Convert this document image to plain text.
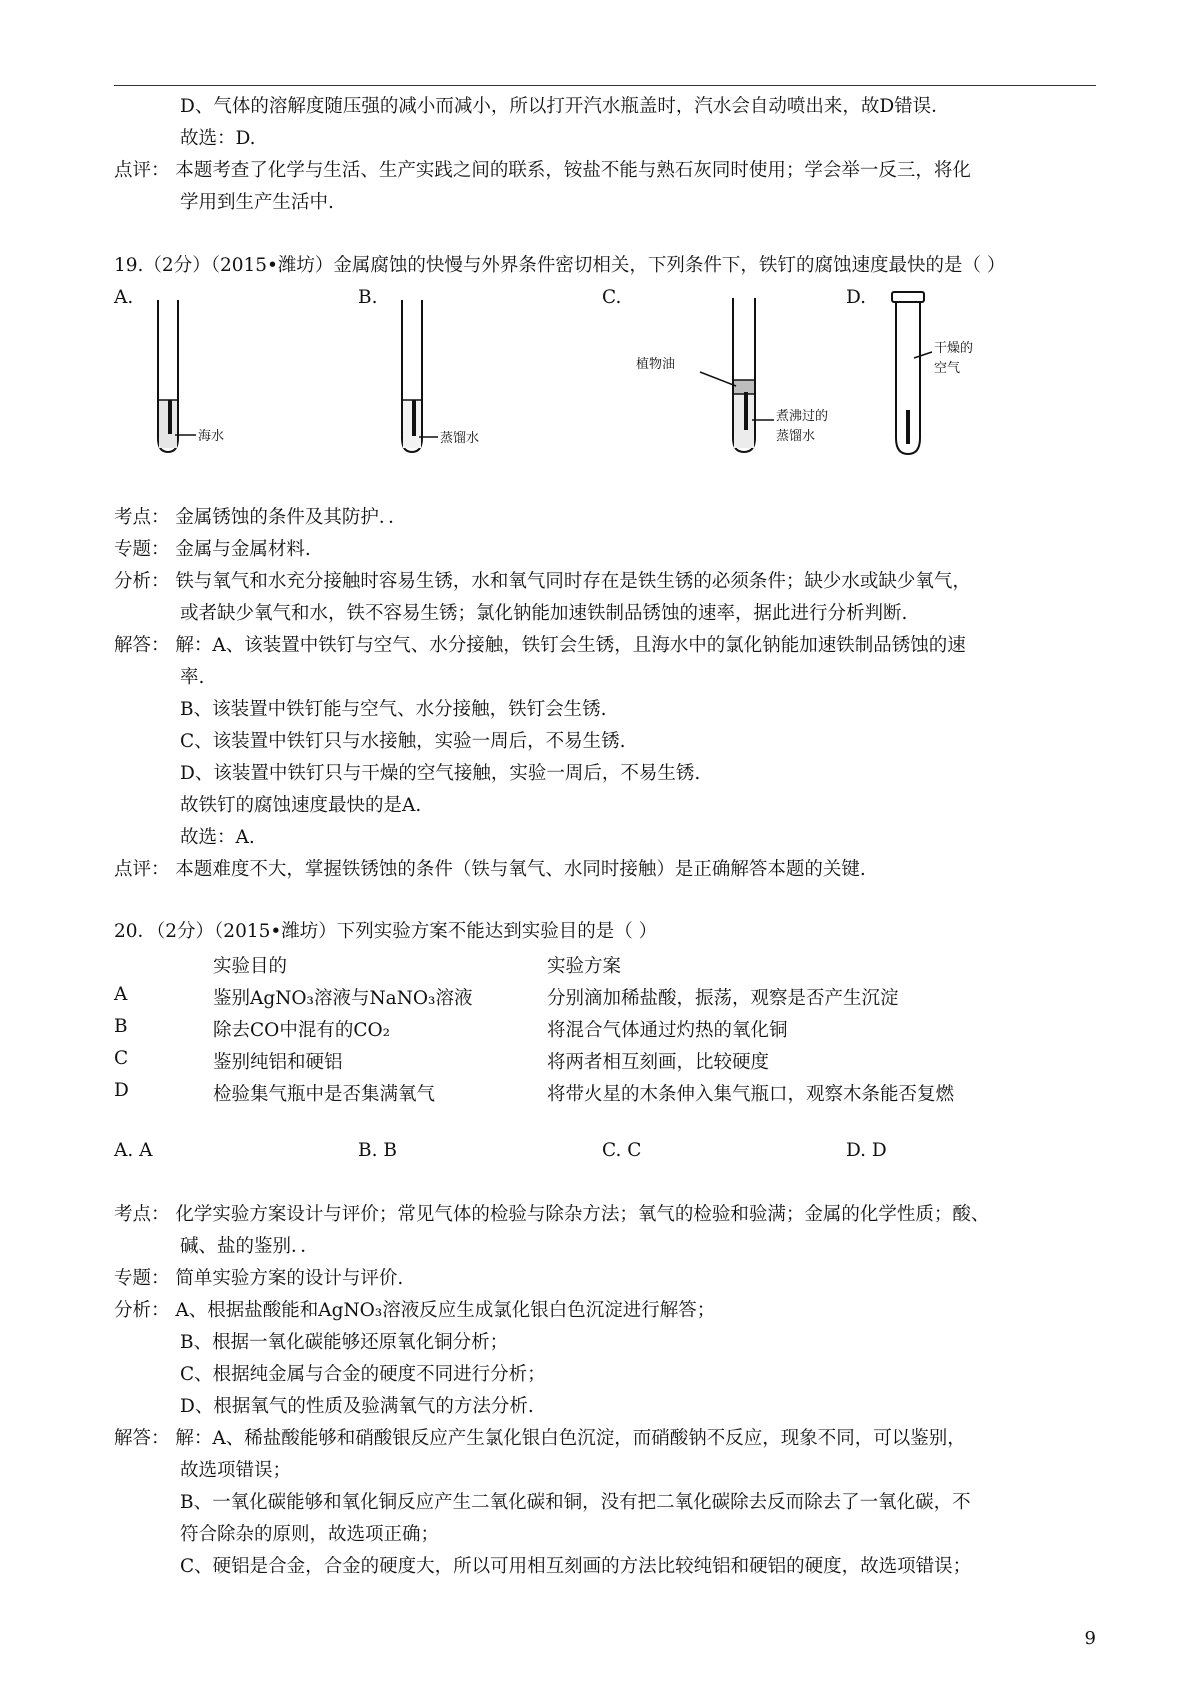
D、气体的溶解度随压强的减小而减小，所以打开汽水瓶盖时，汽水会自动喷出来，故D错误．
故选：D.
点评： 本题考查了化学与生活、生产实践之间的联系，铵盐不能与熟石灰同时使用；学会举一反三，将化
学用到生产生活中.
19.（2分）（2015•潍坊）金属腐蚀的快慢与外界条件密切相关，下列条件下，铁钉的腐蚀速度最快的是（ ）
A.	B.	C.	D.
考点： 金属锈蚀的条件及其防护．．
专题： 金属与金属材料.
分析： 铁与氧气和水充分接触时容易生锈，水和氧气同时存在是铁生锈的必须条件；缺少水或缺少氧气，
或者缺少氧气和水，铁不容易生锈；氯化钠能加速铁制品锈蚀的速率，据此进行分析判断.
解答： 解：A、该装置中铁钉与空气、水分接触，铁钉会生锈，且海水中的氯化钠能加速铁制品锈蚀的速
率.
B、该装置中铁钉能与空气、水分接触，铁钉会生锈.
C、该装置中铁钉只与水接触，实验一周后，不易生锈.
D、该装置中铁钉只与干燥的空气接触，实验一周后，不易生锈.
故铁钉的腐蚀速度最快的是A.
故选：A.
点评： 本题难度不大，掌握铁锈蚀的条件（铁与氧气、水同时接触）是正确解答本题的关键.
20．（2分）（2015•潍坊）下列实验方案不能达到实验目的是（ ）
A. A	B. B	C. C	D. D
考点： 化学实验方案设计与评价；常见气体的检验与除杂方法；氧气的检验和验满；金属的化学性质；酸、
碱、盐的鉴别．．
专题： 简单实验方案的设计与评价.
分析： A、根据盐酸能和AgNO₃溶液反应生成氯化银白色沉淀进行解答；
B、根据一氧化碳能够还原氧化铜分析；
C、根据纯金属与合金的硬度不同进行分析；
D、根据氧气的性质及验满氧气的方法分析.
解答： 解：A、稀盐酸能够和硝酸银反应产生氯化银白色沉淀，而硝酸钠不反应，现象不同，可以鉴别，
故选项错误；
B、一氧化碳能够和氧化铜反应产生二氧化碳和铜，没有把二氧化碳除去反而除去了一氧化碳，不
符合除杂的原则，故选项正确；
C、硬铝是合金，合金的硬度大，所以可用相互刻画的方法比较纯铝和硬铝的硬度，故选项错误；
海水	蒸馏水
植物油
煮沸过的
蒸馏水
干燥的
空气
实验目的	实验方案
A	鉴别AgNO₃溶液与NaNO₃溶液	分别滴加稀盐酸，振荡，观察是否产生沉淀
B	除去CO中混有的CO₂	将混合气体通过灼热的氧化铜
C	鉴别纯铝和硬铝	将两者相互刻画，比较硬度
D	检验集气瓶中是否集满氧气	将带火星的木条伸入集气瓶口，观察木条能否复燃
9
